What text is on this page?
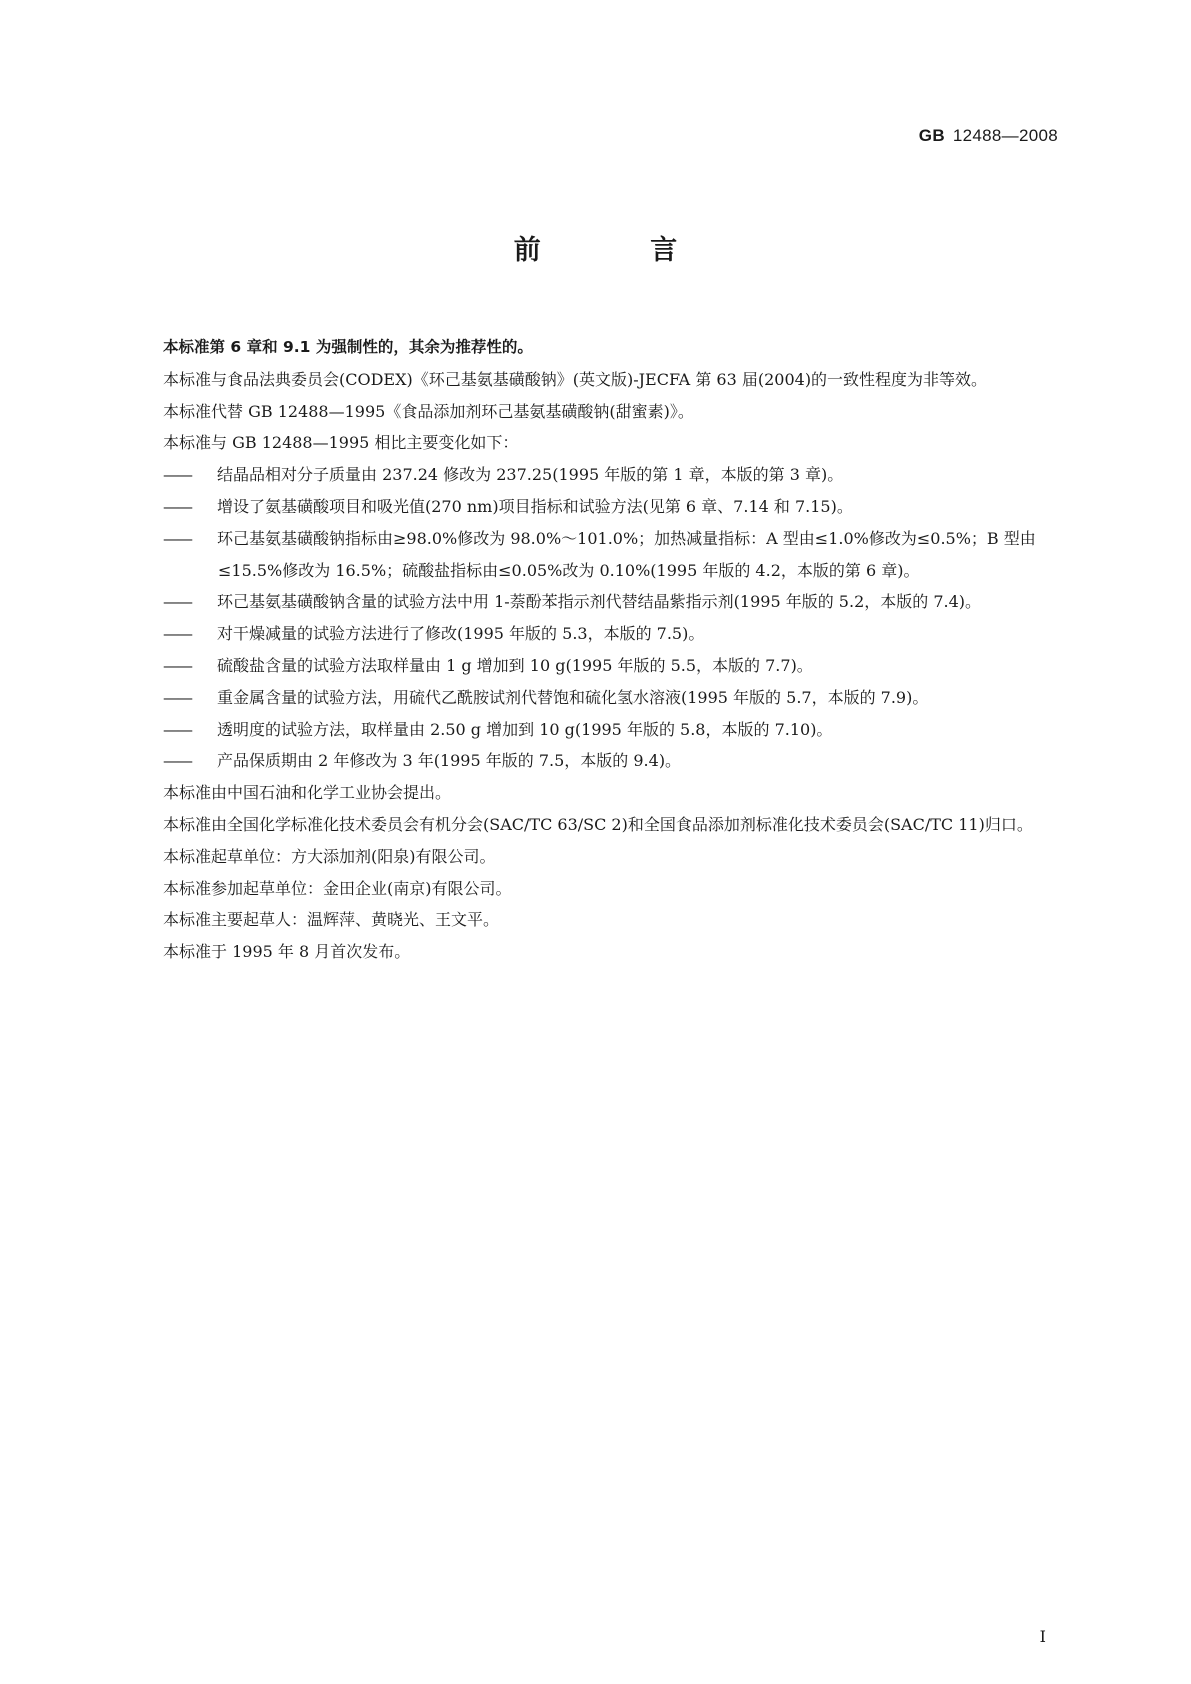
GB 12488—2008
前 言

本标准第 6 章和 9.1 为强制性的，其余为推荐性的。

本标准与食品法典委员会(CODEX)《环己基氨基磺酸钠》(英文版)-JECFA 第 63 届(2004)的一致性程度为非等效。

本标准代替 GB 12488—1995《食品添加剂环己基氨基磺酸钠(甜蜜素)》。

本标准与 GB 12488—1995 相比主要变化如下：

—— 结晶品相对分子质量由 237.24 修改为 237.25(1995 年版的第 1 章，本版的第 3 章)。

—— 增设了氨基磺酸项目和吸光值(270 nm)项目指标和试验方法(见第 6 章、7.14 和 7.15)。

—— 环己基氨基磺酸钠指标由≥98.0%修改为 98.0%～101.0%；加热减量指标：A 型由≤1.0%修改为≤0.5%；B 型由≤15.5%修改为 16.5%；硫酸盐指标由≤0.05%改为 0.10%(1995 年版的 4.2，本版的第 6 章)。

—— 环己基氨基磺酸钠含量的试验方法中用 1-萘酚苯指示剂代替结晶紫指示剂(1995 年版的 5.2，本版的 7.4)。

—— 对干燥减量的试验方法进行了修改(1995 年版的 5.3，本版的 7.5)。

—— 硫酸盐含量的试验方法取样量由 1 g 增加到 10 g(1995 年版的 5.5，本版的 7.7)。

—— 重金属含量的试验方法，用硫代乙酰胺试剂代替饱和硫化氢水溶液(1995 年版的 5.7，本版的 7.9)。

—— 透明度的试验方法，取样量由 2.50 g 增加到 10 g(1995 年版的 5.8，本版的 7.10)。

—— 产品保质期由 2 年修改为 3 年(1995 年版的 7.5，本版的 9.4)。

本标准由中国石油和化学工业协会提出。

本标准由全国化学标准化技术委员会有机分会(SAC/TC 63/SC 2)和全国食品添加剂标准化技术委员会(SAC/TC 11)归口。

本标准起草单位：方大添加剂(阳泉)有限公司。

本标准参加起草单位：金田企业(南京)有限公司。

本标准主要起草人：温辉萍、黄晓光、王文平。

本标准于 1995 年 8 月首次发布。

I
